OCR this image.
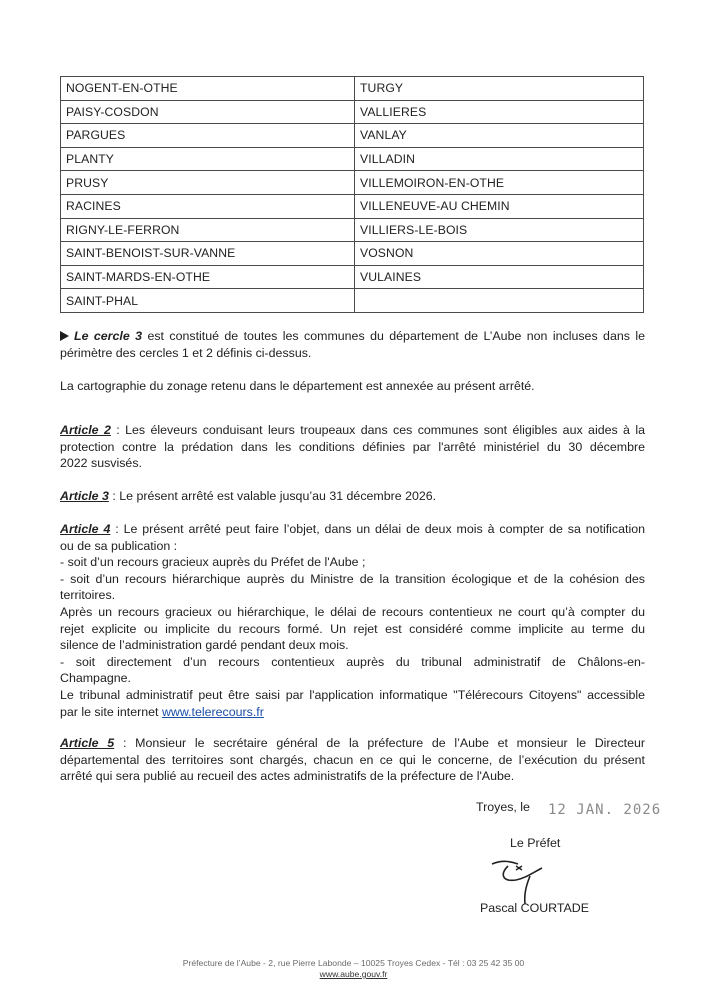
NOGENT-EN-OTHE	TURGY
PAISY-COSDON	VALLIERES
PARGUES	VANLAY
PLANTY	VILLADIN
PRUSY	VILLEMOIRON-EN-OTHE
RACINES	VILLENEUVE-AU CHEMIN
RIGNY-LE-FERRON	VILLIERS-LE-BOIS
SAINT-BENOIST-SUR-VANNE	VOSNON
SAINT-MARDS-EN-OTHE	VULAINES
SAINT-PHAL	
Le cercle 3 est constitué de toutes les communes du département de L’Aube non incluses dans le
périmètre des cercles 1 et 2 définis ci-dessus.
La cartographie du zonage retenu dans le département est annexée au présent arrêté.
Article 2 : Les éleveurs conduisant leurs troupeaux dans ces communes sont éligibles aux aides à la
protection contre la prédation dans les conditions définies par l'arrêté ministériel du 30 décembre
2022 susvisés.
Article 3 : Le présent arrêté est valable jusqu’au 31 décembre 2026.
Article 4 : Le présent arrêté peut faire l’objet, dans un délai de deux mois à compter de sa notification
ou de sa publication :
- soit d’un recours gracieux auprès du Préfet de l'Aube ;
- soit d’un recours hiérarchique auprès du Ministre de la transition écologique et de la cohésion des
territoires.
Après un recours gracieux ou hiérarchique, le délai de recours contentieux ne court qu’à compter du
rejet explicite ou implicite du recours formé. Un rejet est considéré comme implicite au terme du
silence de l’administration gardé pendant deux mois.
- soit directement d’un recours contentieux auprès du tribunal administratif de Châlons-en-
Champagne.
Le tribunal administratif peut être saisi par l'application informatique "Télérecours Citoyens" accessible
par le site internet www.telerecours.fr
Article 5 : Monsieur le secrétaire général de la préfecture de l’Aube et monsieur le Directeur
départemental des territoires sont chargés, chacun en ce qui le concerne, de l’exécution du présent
arrêté qui sera publié au recueil des actes administratifs de la préfecture de l'Aube.
Troyes, le 12 JAN. 2026
Le Préfet
Pascal COURTADE
Préfecture de l’Aube - 2, rue Pierre Labonde – 10025 Troyes Cedex - Tél : 03 25 42 35 00
www.aube.gouv.fr
